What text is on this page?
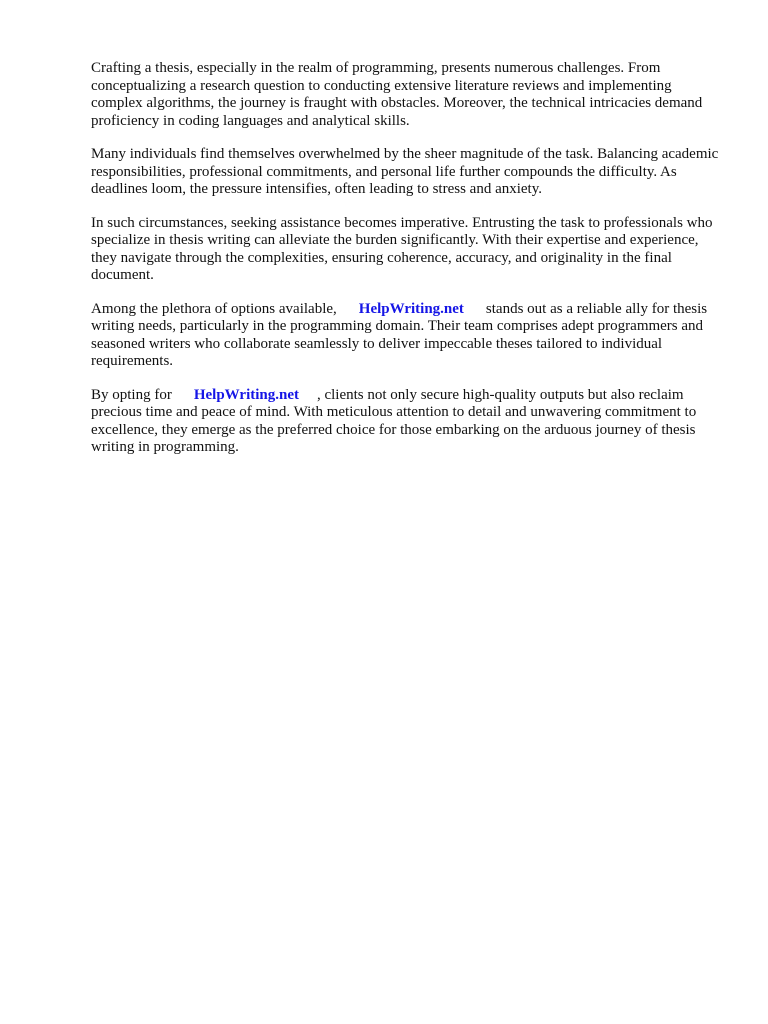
Crafting a thesis, especially in the realm of programming, presents numerous challenges. From conceptualizing a research question to conducting extensive literature reviews and implementing complex algorithms, the journey is fraught with obstacles. Moreover, the technical intricacies demand proficiency in coding languages and analytical skills.

Many individuals find themselves overwhelmed by the sheer magnitude of the task. Balancing academic responsibilities, professional commitments, and personal life further compounds the difficulty. As deadlines loom, the pressure intensifies, often leading to stress and anxiety.

In such circumstances, seeking assistance becomes imperative. Entrusting the task to professionals who specialize in thesis writing can alleviate the burden significantly. With their expertise and experience, they navigate through the complexities, ensuring coherence, accuracy, and originality in the final document.

Among the plethora of options available, HelpWriting.net stands out as a reliable ally for thesis writing needs, particularly in the programming domain. Their team comprises adept programmers and seasoned writers who collaborate seamlessly to deliver impeccable theses tailored to individual requirements.

By opting for HelpWriting.net , clients not only secure high-quality outputs but also reclaim precious time and peace of mind. With meticulous attention to detail and unwavering commitment to excellence, they emerge as the preferred choice for those embarking on the arduous journey of thesis writing in programming.
